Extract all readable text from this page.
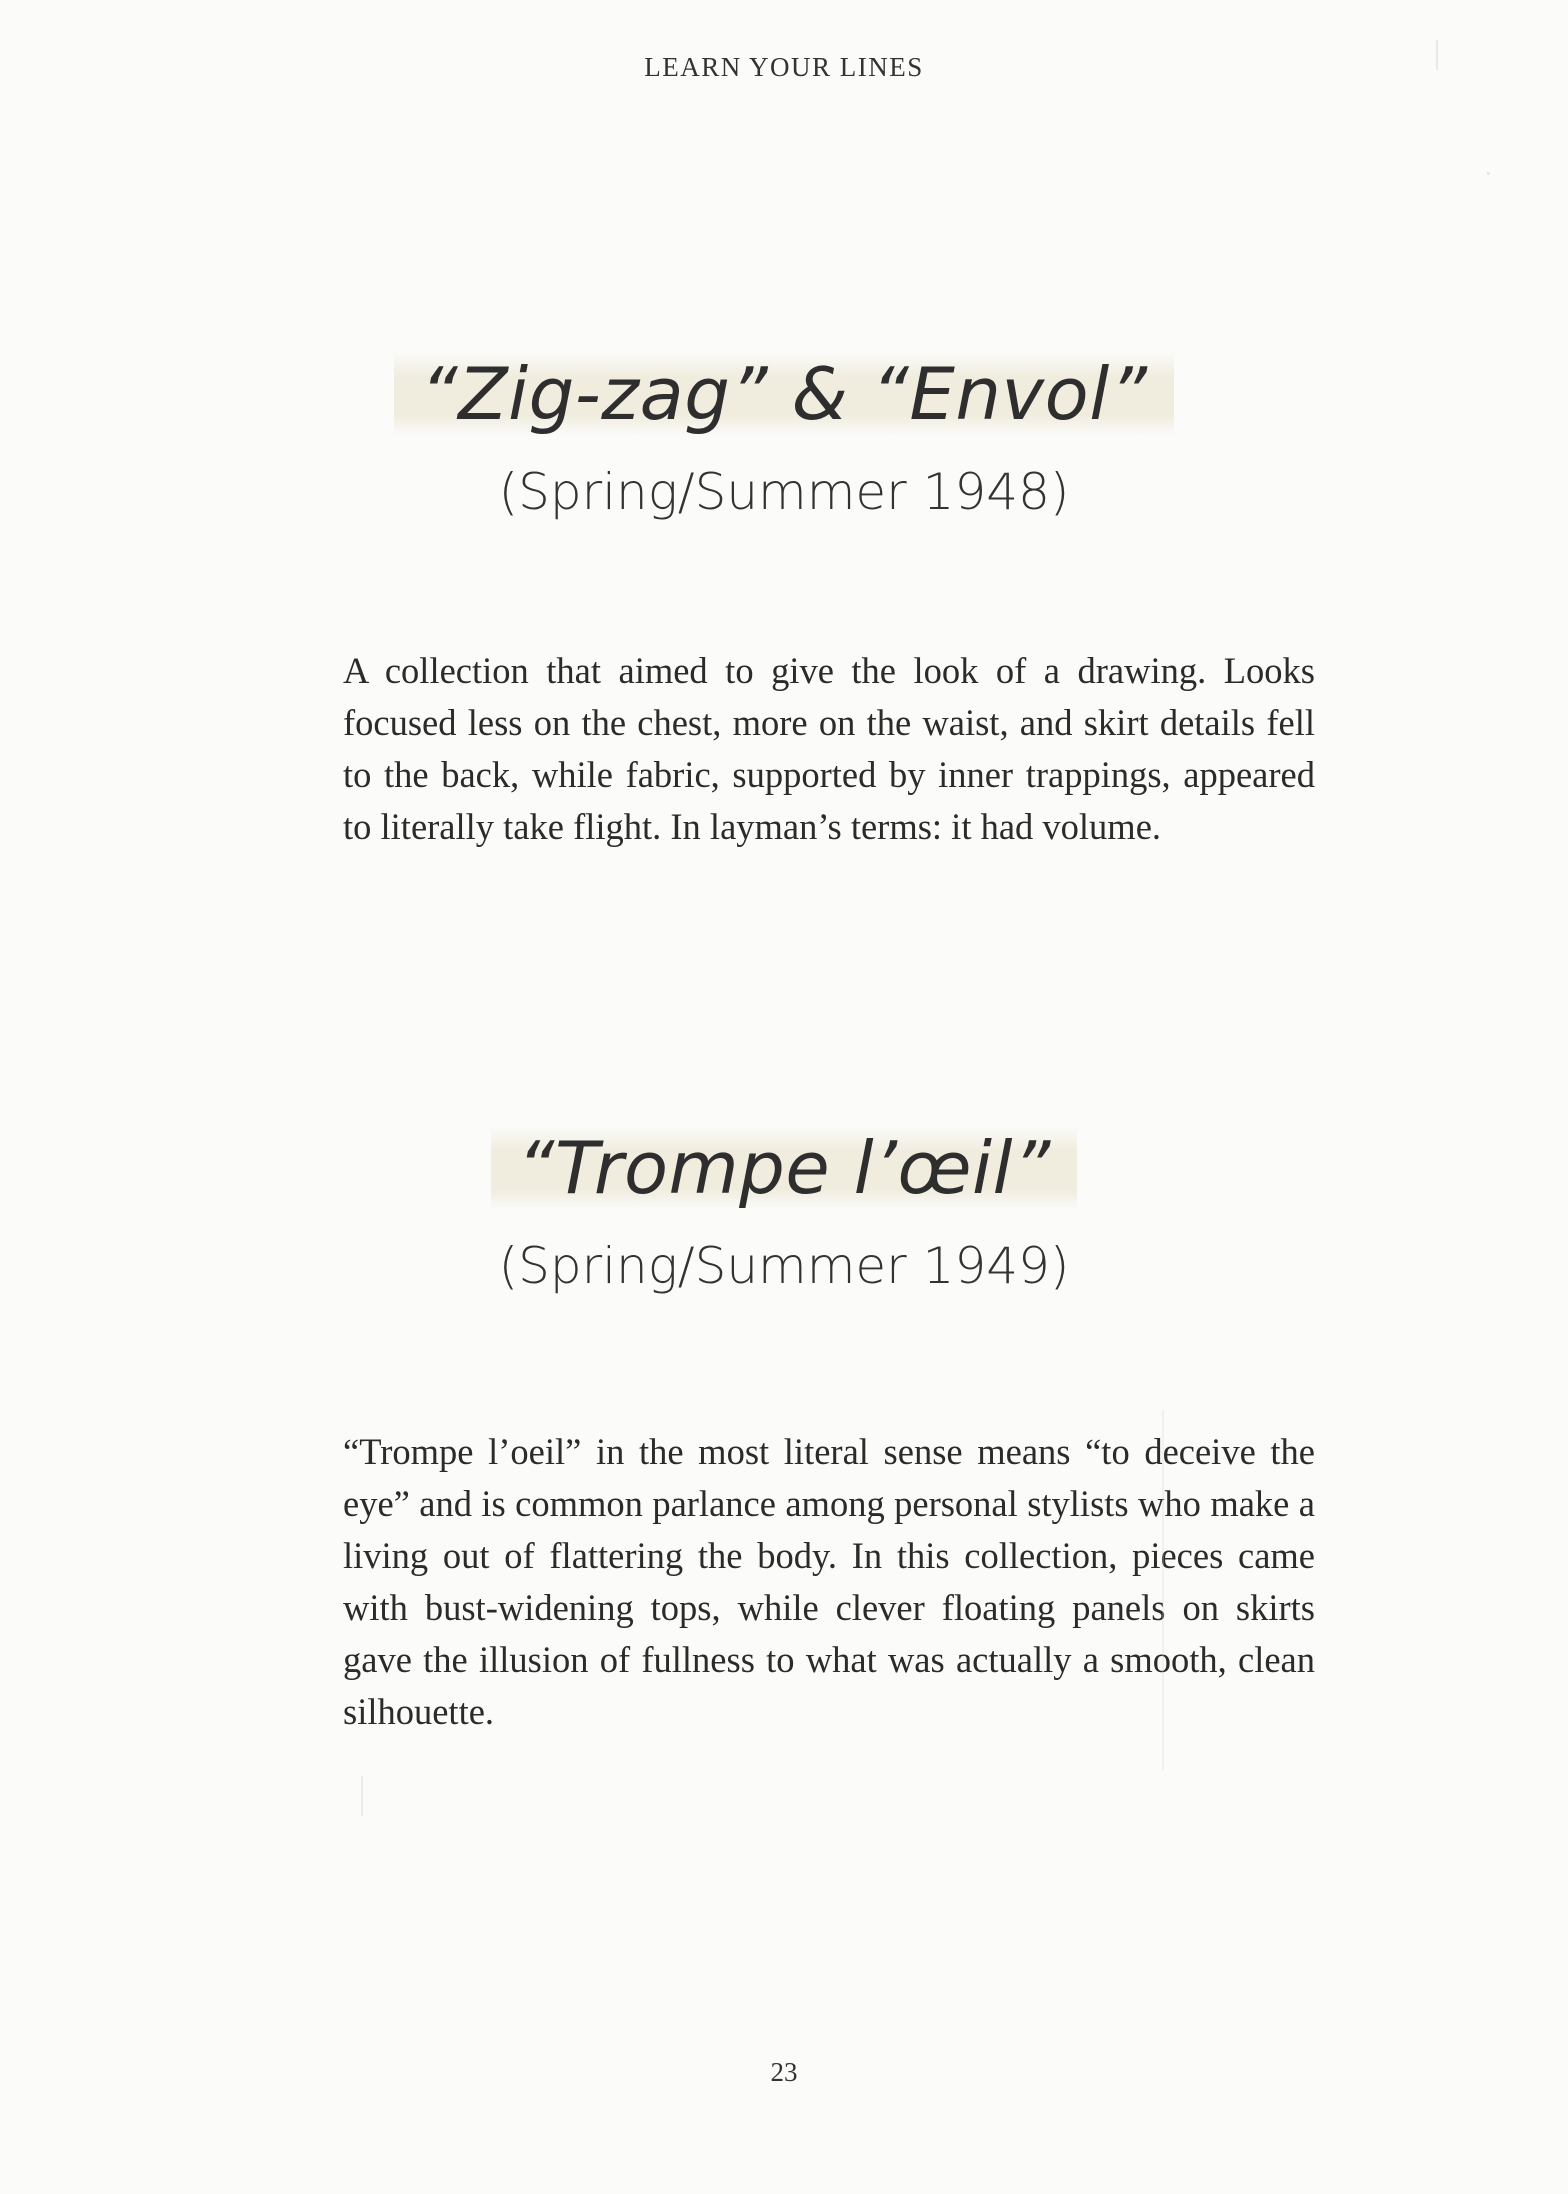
LEARN YOUR LINES
“Zig-zag” & “Envol”
(Spring/Summer 1948)

A collection that aimed to give the look of a drawing. Looks focused less on the chest, more on the waist, and skirt details fell to the back, while fabric, supported by inner trappings, appeared to literally take flight. In layman’s terms: it had volume.

“Trompe l’œil”
(Spring/Summer 1949)

“Trompe l’oeil” in the most literal sense means “to deceive the eye” and is common parlance among personal stylists who make a living out of flattering the body. In this collection, pieces came with bust-widening tops, while clever floating panels on skirts gave the illusion of fullness to what was actually a smooth, clean silhouette.

23
